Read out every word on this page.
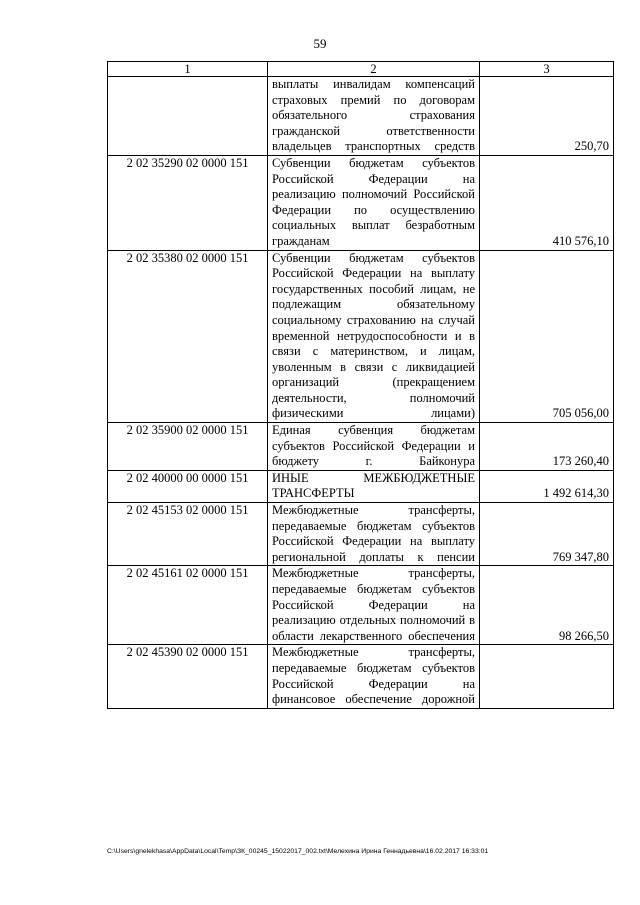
59
1	2	3
	выплаты инвалидам компенсаций страховых премий по договорам обязательного страхования гражданской ответственности владельцев транспортных средств	250,70
2 02 35290 02 0000 151	Субвенции бюджетам субъектов Российской Федерации на реализацию полномочий Российской Федерации по осуществлению социальных выплат безработным гражданам	410 576,10
2 02 35380 02 0000 151	Субвенции бюджетам субъектов Российской Федерации на выплату государственных пособий лицам, не подлежащим обязательному социальному страхованию на случай временной нетрудоспособности и в связи с материнством, и лицам, уволенным в связи с ликвидацией организаций (прекращением деятельности, полномочий физическими лицами)	705 056,00
2 02 35900 02 0000 151	Единая субвенция бюджетам субъектов Российской Федерации и бюджету г. Байконура	173 260,40
2 02 40000 00 0000 151	ИНЫЕ МЕЖБЮДЖЕТНЫЕ ТРАНСФЕРТЫ	1 492 614,30
2 02 45153 02 0000 151	Межбюджетные трансферты, передаваемые бюджетам субъектов Российской Федерации на выплату региональной доплаты к пенсии	769 347,80
2 02 45161 02 0000 151	Межбюджетные трансферты, передаваемые бюджетам субъектов Российской Федерации на реализацию отдельных полномочий в области лекарственного обеспечения	98 266,50
2 02 45390 02 0000 151	Межбюджетные трансферты, передаваемые бюджетам субъектов Российской Федерации на финансовое обеспечение дорожной	
C:\Users\gnelekhasa\AppData\Local\Temp\ЗК_00245_15022017_002.txt\Мелехина Ирина Геннадьевна\16.02.2017 16:33:01
